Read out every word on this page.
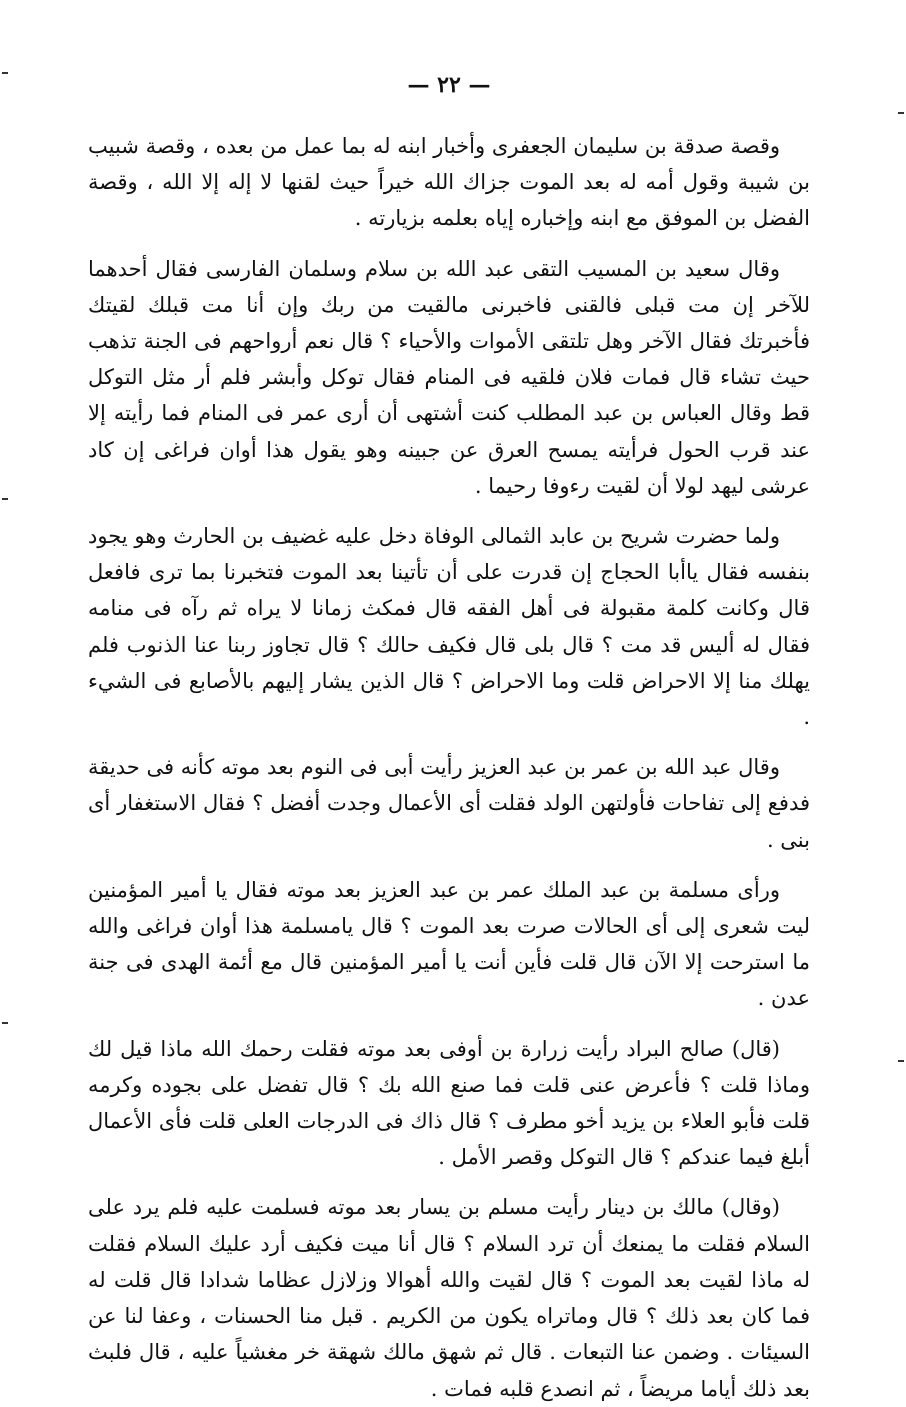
— ٢٢ —

وقصة صدقة بن سليمان الجعفرى وأخبار ابنه له بما عمل من بعده ، وقصة شبيب بن شيبة وقول أمه له بعد الموت جزاك الله خيراً حيث لقنها لا إله إلا الله ، وقصة الفضل بن الموفق مع ابنه وإخباره إياه بعلمه بزيارته .

وقال سعيد بن المسيب التقى عبد الله بن سلام وسلمان الفارسى فقال أحدهما للآخر إن مت قبلى فالقنى فاخبرنى مالقيت من ربك وإن أنا مت قبلك لقيتك فأخبرتك فقال الآخر وهل تلتقى الأموات والأحياء ؟ قال نعم أرواحهم فى الجنة تذهب حيث تشاء قال فمات فلان فلقيه فى المنام فقال توكل وأبشر فلم أر مثل التوكل قط وقال العباس بن عبد المطلب كنت أشتهى أن أرى عمر فى المنام فما رأيته إلا عند قرب الحول فرأيته يمسح العرق عن جبينه وهو يقول هذا أوان فراغى إن كاد عرشى ليهد لولا أن لقيت رءوفا رحيما .

ولما حضرت شريح بن عابد الثمالى الوفاة دخل عليه غضيف بن الحارث وهو يجود بنفسه فقال ياأبا الحجاج إن قدرت على أن تأتينا بعد الموت فتخبرنا بما ترى فافعل قال وكانت كلمة مقبولة فى أهل الفقه قال فمكث زمانا لا يراه ثم رآه فى منامه فقال له أليس قد مت ؟ قال بلى قال فكيف حالك ؟ قال تجاوز ربنا عنا الذنوب فلم يهلك منا إلا الاحراض قلت وما الاحراض ؟ قال الذين يشار إليهم بالأصابع فى الشيء .

وقال عبد الله بن عمر بن عبد العزيز رأيت أبى فى النوم بعد موته كأنه فى حديقة فدفع إلى تفاحات فأولتهن الولد فقلت أى الأعمال وجدت أفضل ؟ فقال الاستغفار أى بنى .

ورأى مسلمة بن عبد الملك عمر بن عبد العزيز بعد موته فقال يا أمير المؤمنين ليت شعرى إلى أى الحالات صرت بعد الموت ؟ قال يامسلمة هذا أوان فراغى والله ما استرحت إلا الآن قال قلت فأين أنت يا أمير المؤمنين قال مع أئمة الهدى فى جنة عدن .

(قال) صالح البراد رأيت زرارة بن أوفى بعد موته فقلت رحمك الله ماذا قيل لك وماذا قلت ؟ فأعرض عنى قلت فما صنع الله بك ؟ قال تفضل على بجوده وكرمه قلت فأبو العلاء بن يزيد أخو مطرف ؟ قال ذاك فى الدرجات العلى قلت فأى الأعمال أبلغ فيما عندكم ؟ قال التوكل وقصر الأمل .

(وقال) مالك بن دينار رأيت مسلم بن يسار بعد موته فسلمت عليه فلم يرد على السلام فقلت ما يمنعك أن ترد السلام ؟ قال أنا ميت فكيف أرد عليك السلام فقلت له ماذا لقيت بعد الموت ؟ قال لقيت والله أهوالا وزلازل عظاما شدادا قال قلت له فما كان بعد ذلك ؟ قال وماتراه يكون من الكريم . قبل منا الحسنات ، وعفا لنا عن السيئات . وضمن عنا التبعات . قال ثم شهق مالك شهقة خر مغشياً عليه ، قال فلبث بعد ذلك أياما مريضاً ، ثم انصدع قلبه فمات .
